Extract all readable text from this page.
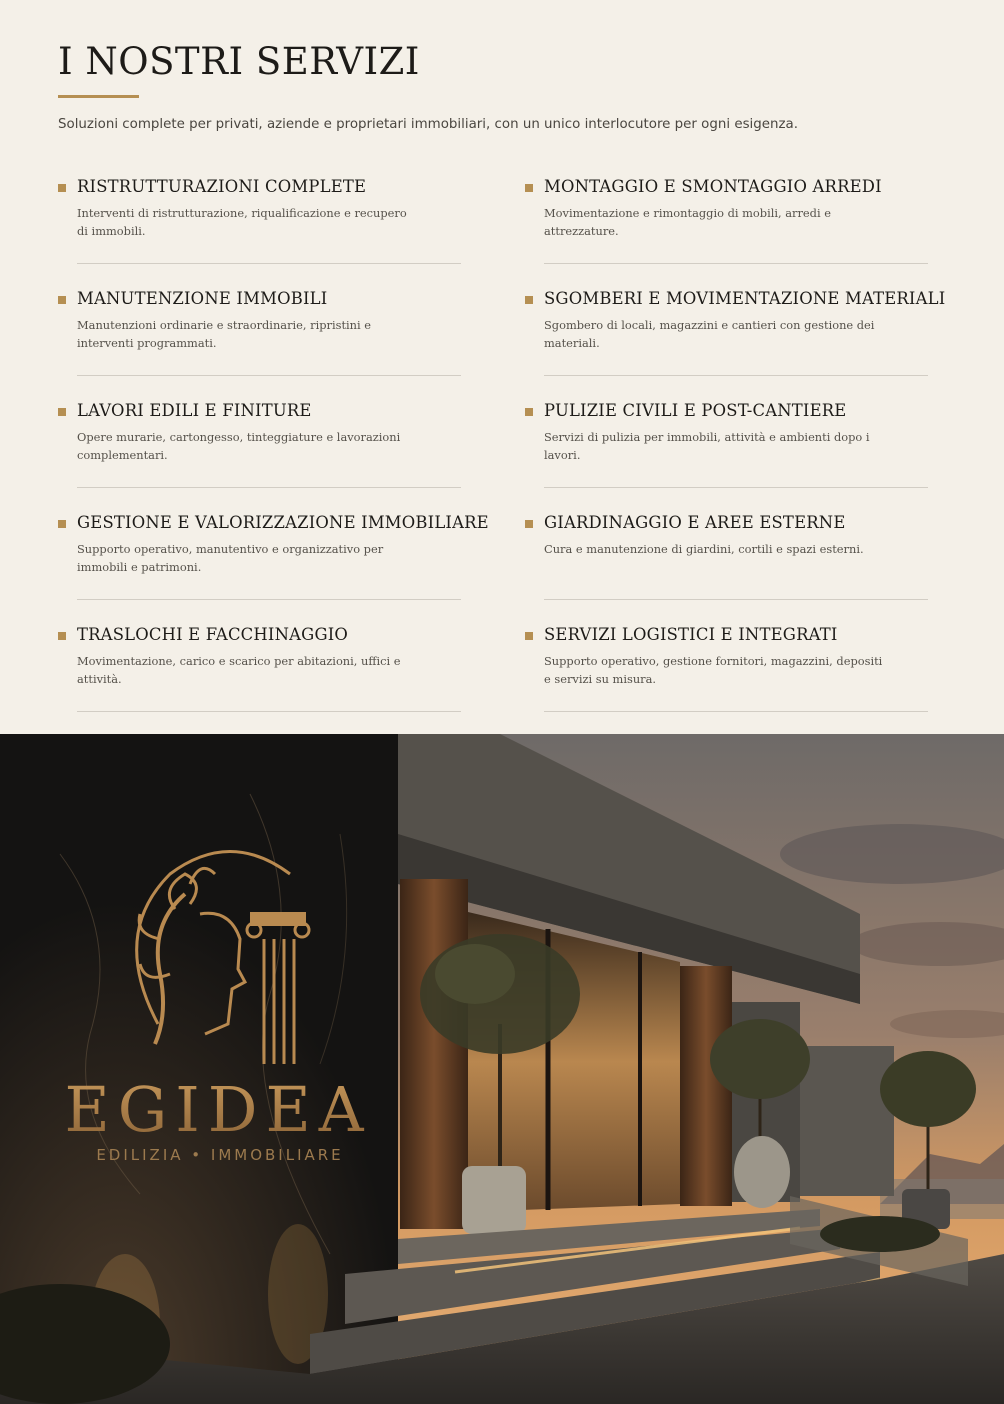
I NOSTRI SERVIZI

Soluzioni complete per privati, aziende e proprietari immobiliari, con un unico interlocutore per ogni esigenza.

RISTRUTTURAZIONI COMPLETE

Interventi di ristrutturazione, riqualificazione e recupero di immobili.

MONTAGGIO E SMONTAGGIO ARREDI

Movimentazione e rimontaggio di mobili, arredi e attrezzature.

MANUTENZIONE IMMOBILI

Manutenzioni ordinarie e straordinarie, ripristini e interventi programmati.

SGOMBERI E MOVIMENTAZIONE MATERIALI

Sgombero di locali, magazzini e cantieri con gestione dei materiali.

LAVORI EDILI E FINITURE

Opere murarie, cartongesso, tinteggiature e lavorazioni complementari.

PULIZIE CIVILI E POST-CANTIERE

Servizi di pulizia per immobili, attività e ambienti dopo i lavori.

GESTIONE E VALORIZZAZIONE IMMOBILIARE

Supporto operativo, manutentivo e organizzativo per immobili e patrimoni.

GIARDINAGGIO E AREE ESTERNE

Cura e manutenzione di giardini, cortili e spazi esterni.

TRASLOCHI E FACCHINAGGIO

Movimentazione, carico e scarico per abitazioni, uffici e attività.

SERVIZI LOGISTICI E INTEGRATI

Supporto operativo, gestione fornitori, magazzini, depositi e servizi su misura.

EGIDEA
EDILIZIA • IMMOBILIARE
